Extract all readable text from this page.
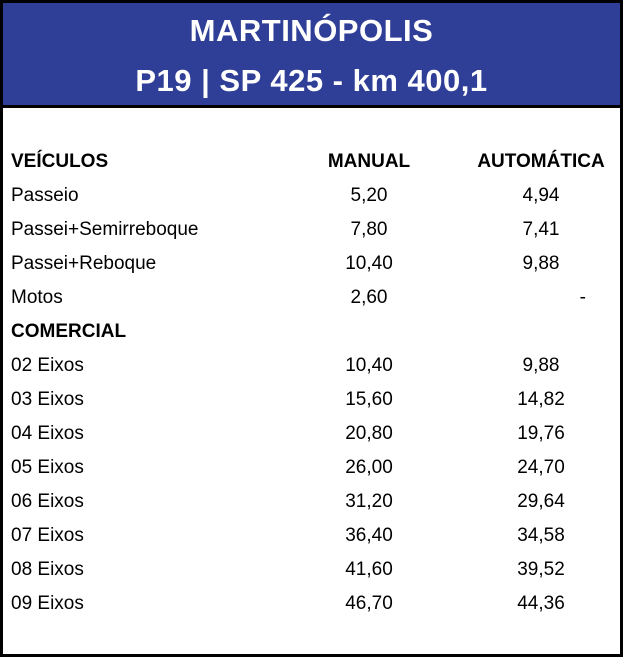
MARTINÓPOLIS
P19 | SP 425 - km 400,1
VEÍCULOS	MANUAL	AUTOMÁTICA
Passeio	5,20	4,94
Passei+Semirreboque	7,80	7,41
Passei+Reboque	10,40	9,88
Motos	2,60	-
COMERCIAL
02 Eixos	10,40	9,88
03 Eixos	15,60	14,82
04 Eixos	20,80	19,76
05 Eixos	26,00	24,70
06 Eixos	31,20	29,64
07 Eixos	36,40	34,58
08 Eixos	41,60	39,52
09 Eixos	46,70	44,36
